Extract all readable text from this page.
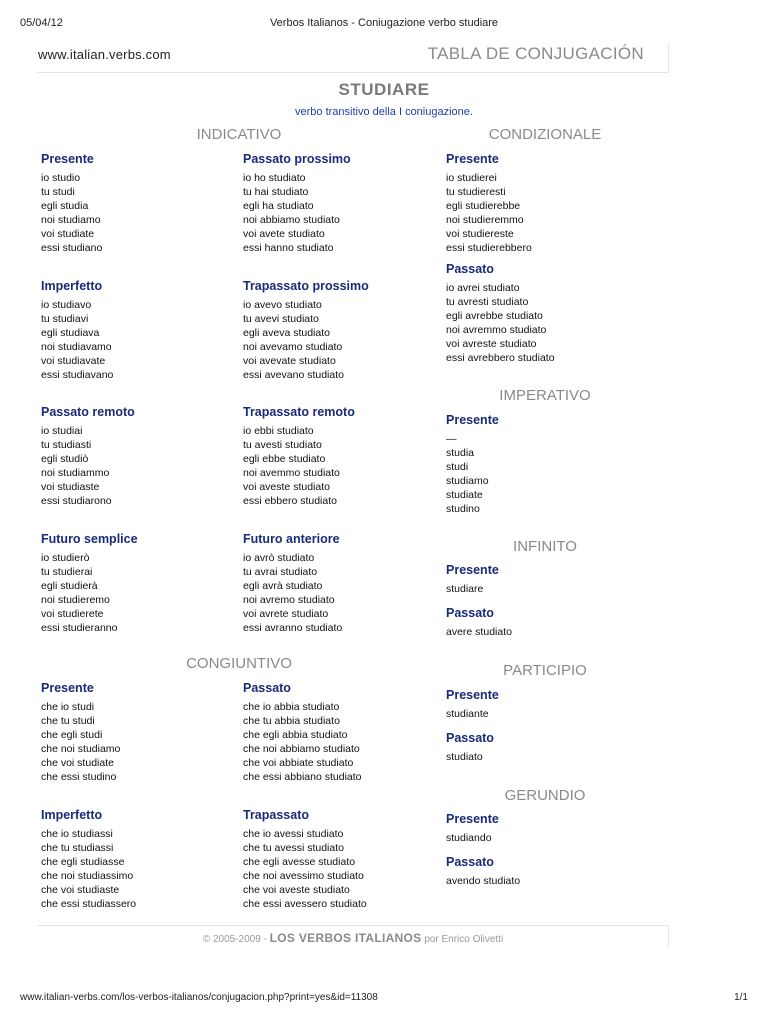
05/04/12	Verbos Italianos - Coniugazione verbo studiare
www.italian.verbs.com	TABLA DE CONJUGACIÓN
STUDIARE
verbo transitivo della I coniugazione.
INDICATIVO	CONDIZIONALE
IMPERATIVO
INFINITO
CONGIUNTIVO	PARTICIPIO
GERUNDIO
Presente
io studio
tu studi
egli studia
noi studiamo
voi studiate
essi studiano
Passato prossimo
io ho studiato
tu hai studiato
egli ha studiato
noi abbiamo studiato
voi avete studiato
essi hanno studiato
Imperfetto
io studiavo
tu studiavi
egli studiava
noi studiavamo
voi studiavate
essi studiavano
Trapassato prossimo
io avevo studiato
tu avevi studiato
egli aveva studiato
noi avevamo studiato
voi avevate studiato
essi avevano studiato
Passato remoto
io studiai
tu studiasti
egli studiò
noi studiammo
voi studiaste
essi studiarono
Trapassato remoto
io ebbi studiato
tu avesti studiato
egli ebbe studiato
noi avemmo studiato
voi aveste studiato
essi ebbero studiato
Futuro semplice
io studierò
tu studierai
egli studierà
noi studieremo
voi studierete
essi studieranno
Futuro anteriore
io avrò studiato
tu avrai studiato
egli avrà studiato
noi avremo studiato
voi avrete studiato
essi avranno studiato
Presente
che io studi
che tu studi
che egli studi
che noi studiamo
che voi studiate
che essi studino
Passato
che io abbia studiato
che tu abbia studiato
che egli abbia studiato
che noi abbiamo studiato
che voi abbiate studiato
che essi abbiano studiato
Imperfetto
che io studiassi
che tu studiassi
che egli studiasse
che noi studiassimo
che voi studiaste
che essi studiassero
Trapassato
che io avessi studiato
che tu avessi studiato
che egli avesse studiato
che noi avessimo studiato
che voi aveste studiato
che essi avessero studiato
Presente
io studierei
tu studieresti
egli studierebbe
noi studieremmo
voi studiereste
essi studierebbero
Passato
io avrei studiato
tu avresti studiato
egli avrebbe studiato
noi avremmo studiato
voi avreste studiato
essi avrebbero studiato
Presente
—
studia
studi
studiamo
studiate
studino
Presente
studiare
Passato
avere studiato
Presente
studiante
Passato
studiato
Presente
studiando
Passato
avendo studiato
© 2005-2009 - LOS VERBOS ITALIANOS por Enrico Olivetti
www.italian-verbs.com/los-verbos-italianos/conjugacion.php?print=yes&id=11308	1/1
